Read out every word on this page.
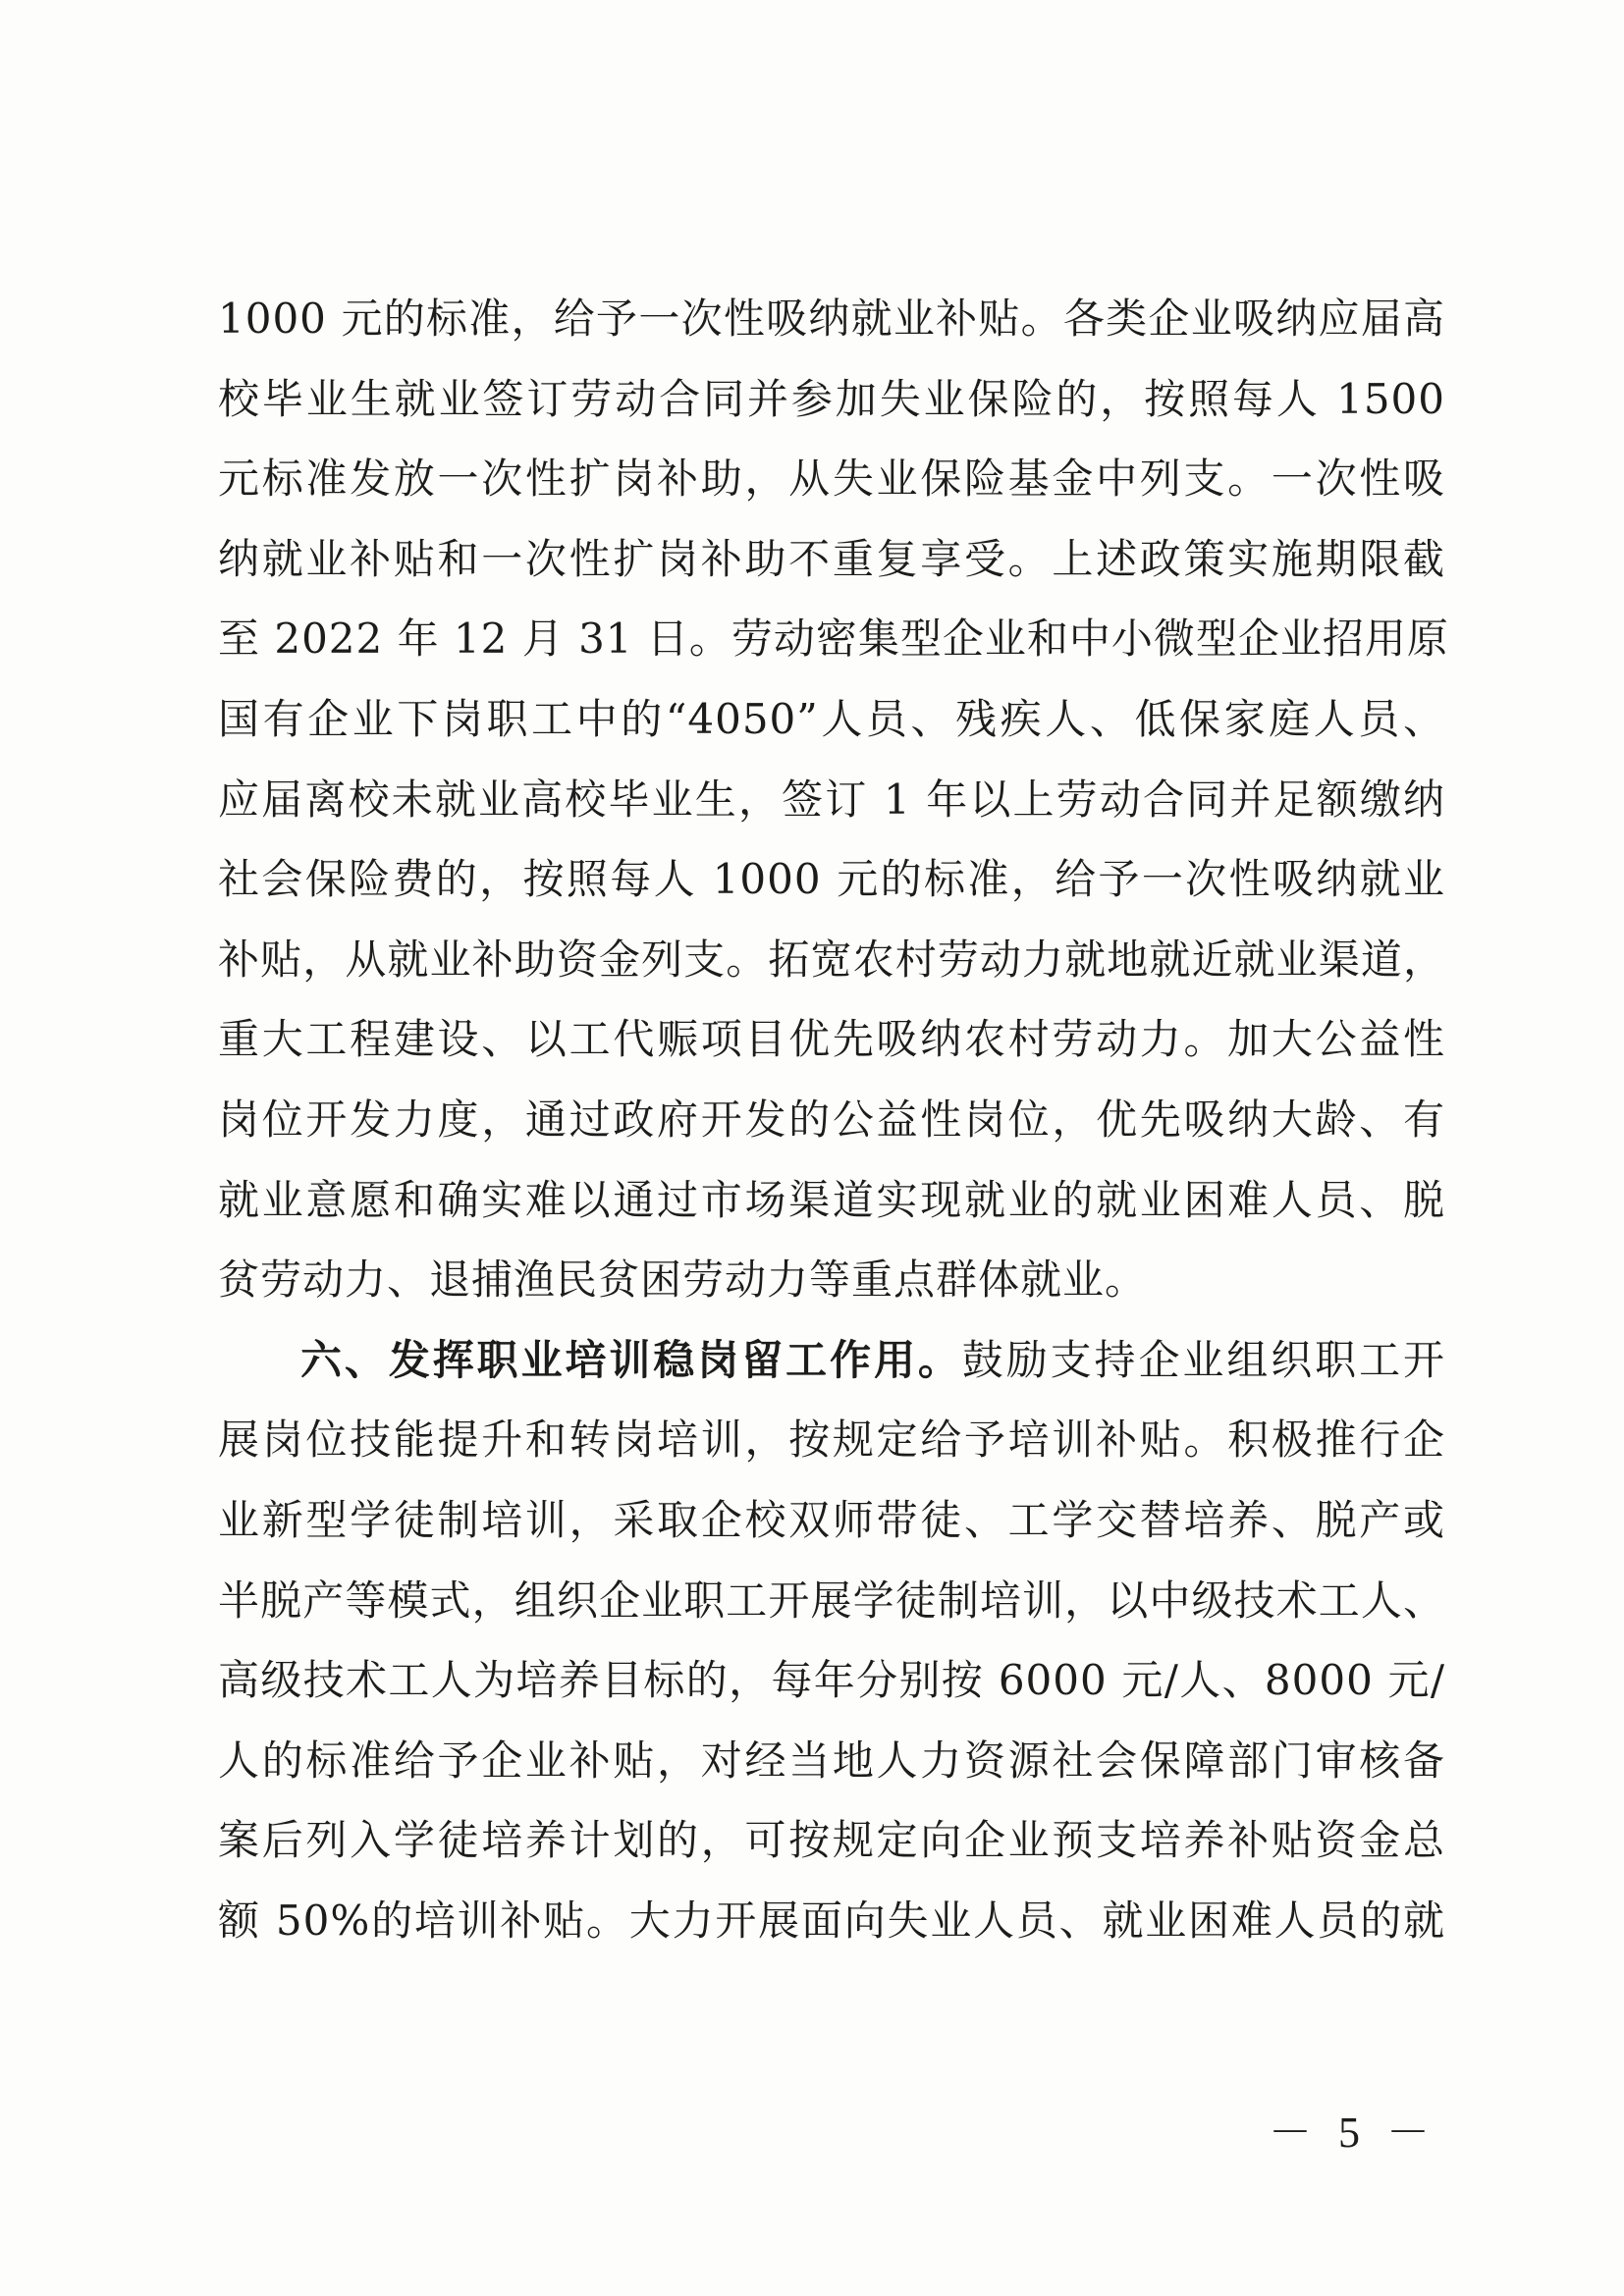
1000 元的标准，给予一次性吸纳就业补贴。各类企业吸纳应届高
校毕业生就业签订劳动合同并参加失业保险的，按照每人 1500
元标准发放一次性扩岗补助，从失业保险基金中列支。一次性吸
纳就业补贴和一次性扩岗补助不重复享受。上述政策实施期限截
至 2022 年 12 月 31 日。劳动密集型企业和中小微型企业招用原
国有企业下岗职工中的“4050”人员、残疾人、低保家庭人员、
应届离校未就业高校毕业生，签订 1 年以上劳动合同并足额缴纳
社会保险费的，按照每人 1000 元的标准，给予一次性吸纳就业
补贴，从就业补助资金列支。拓宽农村劳动力就地就近就业渠道，
重大工程建设、以工代赈项目优先吸纳农村劳动力。加大公益性
岗位开发力度，通过政府开发的公益性岗位，优先吸纳大龄、有
就业意愿和确实难以通过市场渠道实现就业的就业困难人员、脱
贫劳动力、退捕渔民贫困劳动力等重点群体就业。
六、发挥职业培训稳岗留工作用。鼓励支持企业组织职工开
展岗位技能提升和转岗培训，按规定给予培训补贴。积极推行企
业新型学徒制培训，采取企校双师带徒、工学交替培养、脱产或
半脱产等模式，组织企业职工开展学徒制培训，以中级技术工人、
高级技术工人为培养目标的，每年分别按 6000 元/人、8000 元/
人的标准给予企业补贴，对经当地人力资源社会保障部门审核备
案后列入学徒培养计划的，可按规定向企业预支培养补贴资金总
额 50%的培训补贴。大力开展面向失业人员、就业困难人员的就
－ 5 －
